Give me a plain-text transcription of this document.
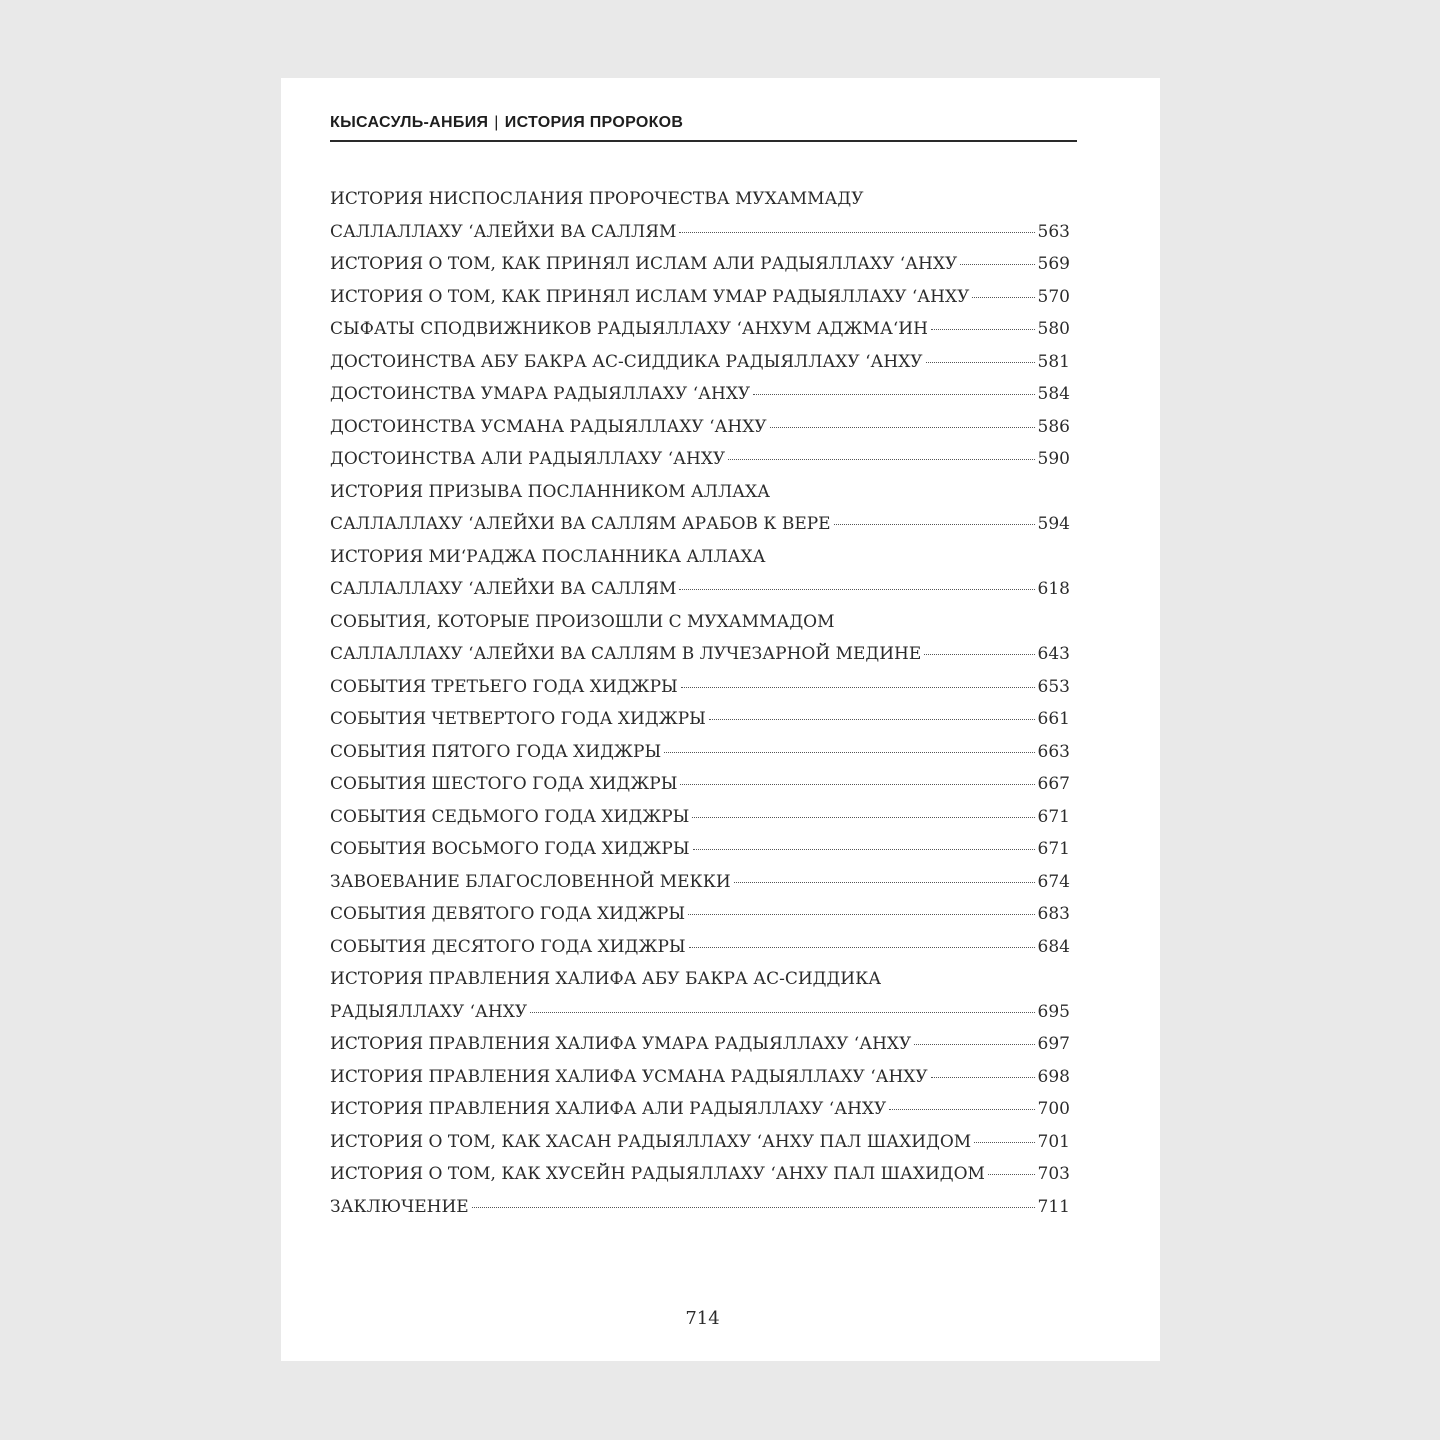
КЫСАСУЛЬ-АНБИЯ | ИСТОРИЯ ПРОРОКОВ
ИСТОРИЯ НИСПОСЛАНИЯ ПРОРОЧЕСТВА МУХАММАДУ
САЛЛАЛЛАХУ ‘АЛЕЙХИ ВА САЛЛЯМ	563
ИСТОРИЯ О ТОМ, КАК ПРИНЯЛ ИСЛАМ АЛИ РАДЫЯЛЛАХУ ‘АНХУ	569
ИСТОРИЯ О ТОМ, КАК ПРИНЯЛ ИСЛАМ УМАР РАДЫЯЛЛАХУ ‘АНХУ	570
СЫФАТЫ СПОДВИЖНИКОВ РАДЫЯЛЛАХУ ‘АНХУМ АДЖМА‘ИН	580
ДОСТОИНСТВА АБУ БАКРА АС-СИДДИКА РАДЫЯЛЛАХУ ‘АНХУ	581
ДОСТОИНСТВА УМАРА РАДЫЯЛЛАХУ ‘АНХУ	584
ДОСТОИНСТВА УСМАНА РАДЫЯЛЛАХУ ‘АНХУ	586
ДОСТОИНСТВА АЛИ РАДЫЯЛЛАХУ ‘АНХУ	590
ИСТОРИЯ ПРИЗЫВА ПОСЛАННИКОМ АЛЛАХА
САЛЛАЛЛАХУ ‘АЛЕЙХИ ВА САЛЛЯМ АРАБОВ К ВЕРЕ	594
ИСТОРИЯ МИ‘РАДЖА ПОСЛАННИКА АЛЛАХА
САЛЛАЛЛАХУ ‘АЛЕЙХИ ВА САЛЛЯМ	618
СОБЫТИЯ, КОТОРЫЕ ПРОИЗОШЛИ С МУХАММАДОМ
САЛЛАЛЛАХУ ‘АЛЕЙХИ ВА САЛЛЯМ В ЛУЧЕЗАРНОЙ МЕДИНЕ	643
СОБЫТИЯ ТРЕТЬЕГО ГОДА ХИДЖРЫ	653
СОБЫТИЯ ЧЕТВЕРТОГО ГОДА ХИДЖРЫ	661
СОБЫТИЯ ПЯТОГО ГОДА ХИДЖРЫ	663
СОБЫТИЯ ШЕСТОГО ГОДА ХИДЖРЫ	667
СОБЫТИЯ СЕДЬМОГО ГОДА ХИДЖРЫ	671
СОБЫТИЯ ВОСЬМОГО ГОДА ХИДЖРЫ	671
ЗАВОЕВАНИЕ БЛАГОСЛОВЕННОЙ МЕККИ	674
СОБЫТИЯ ДЕВЯТОГО ГОДА ХИДЖРЫ	683
СОБЫТИЯ ДЕСЯТОГО ГОДА ХИДЖРЫ	684
ИСТОРИЯ ПРАВЛЕНИЯ ХАЛИФА АБУ БАКРА АС-СИДДИКА
РАДЫЯЛЛАХУ ‘АНХУ	695
ИСТОРИЯ ПРАВЛЕНИЯ ХАЛИФА УМАРА РАДЫЯЛЛАХУ ‘АНХУ	697
ИСТОРИЯ ПРАВЛЕНИЯ ХАЛИФА УСМАНА РАДЫЯЛЛАХУ ‘АНХУ	698
ИСТОРИЯ ПРАВЛЕНИЯ ХАЛИФА АЛИ РАДЫЯЛЛАХУ ‘АНХУ	700
ИСТОРИЯ О ТОМ, КАК ХАСАН РАДЫЯЛЛАХУ ‘АНХУ ПАЛ ШАХИДОМ	701
ИСТОРИЯ О ТОМ, КАК ХУСЕЙН РАДЫЯЛЛАХУ ‘АНХУ ПАЛ ШАХИДОМ	703
ЗАКЛЮЧЕНИЕ	711
714
